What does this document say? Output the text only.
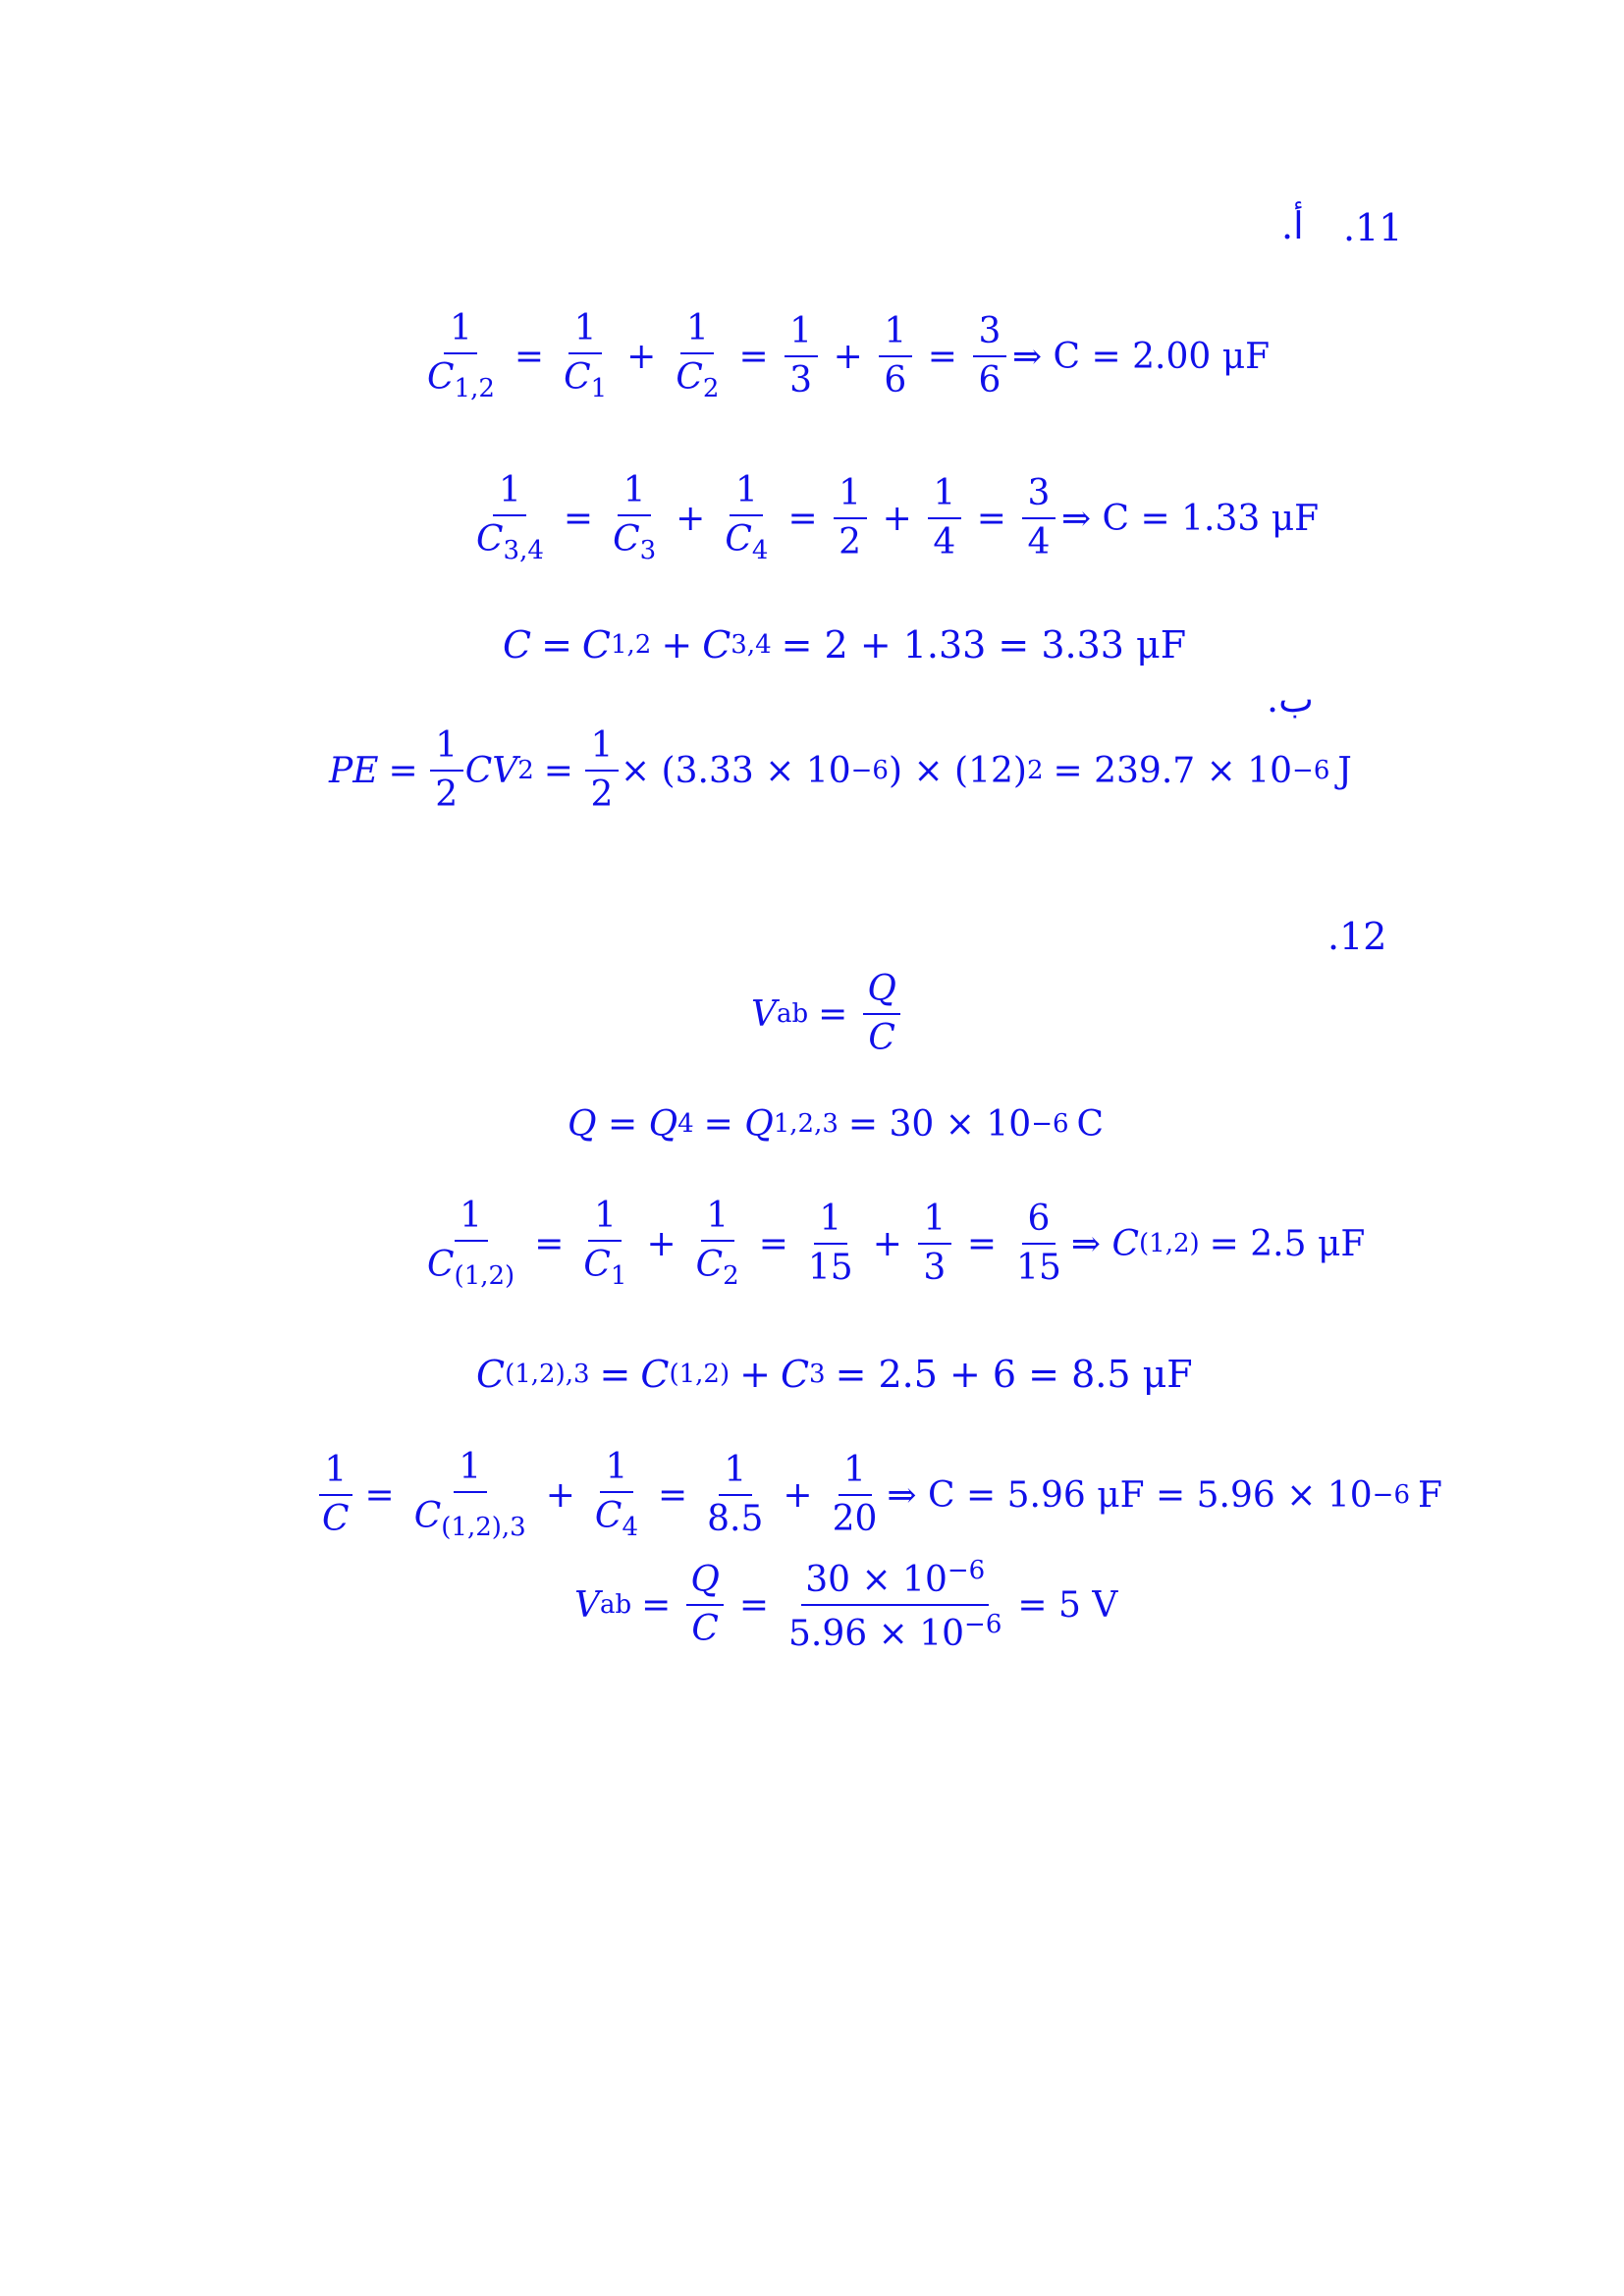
.11
أ.
ب.
.12
$\frac{1}{C_{1,2}} = \frac{1}{C_1} + \frac{1}{C_2} = \frac{1}{3} + \frac{1}{6} = \frac{3}{6}$ ⇒ C = 2.00 μF
$\frac{1}{C_{3,4}} = \frac{1}{C_3} + \frac{1}{C_4} = \frac{1}{2} + \frac{1}{4} = \frac{3}{4}$ ⇒ C = 1.33 μF
C = C 1,2 + C 3,4 = 2 + 1.33 = 3.33 μF
PE = $\frac{1}{2}$ CV $2 = \frac{1}{2} \times (3.33 \times 10 -6$ ) × (12) 2 = 239.7 × 10 −6 J
V ab = $\frac{Q}{C}$
Q = Q 4 = Q 1,2,3 = 30 × 10 −6 C
$\frac{1}{C_{(1,2)}} = \frac{1}{C_1} + \frac{1}{C_2} = \frac{1}{15} + \frac{1}{3} = \frac{6}{15}$ ⇒ C (1,2) = 2.5 μF
C (1,2),3 = C (1,2) + C 3 = 2.5 + 6 = 8.5 μF
$\frac{1}{C} = \frac{1}{C_{(1,2),3}} + \frac{1}{C_4} = \frac{1}{8.5} + \frac{1}{20}$ ⇒ C = 5.96 μF = 5.96 × 10 −6 F
V ab = $\frac{Q}{C} = \frac{30 \times 10^{-6}}{5.96 \times 10^{-6}} = 5$ V
